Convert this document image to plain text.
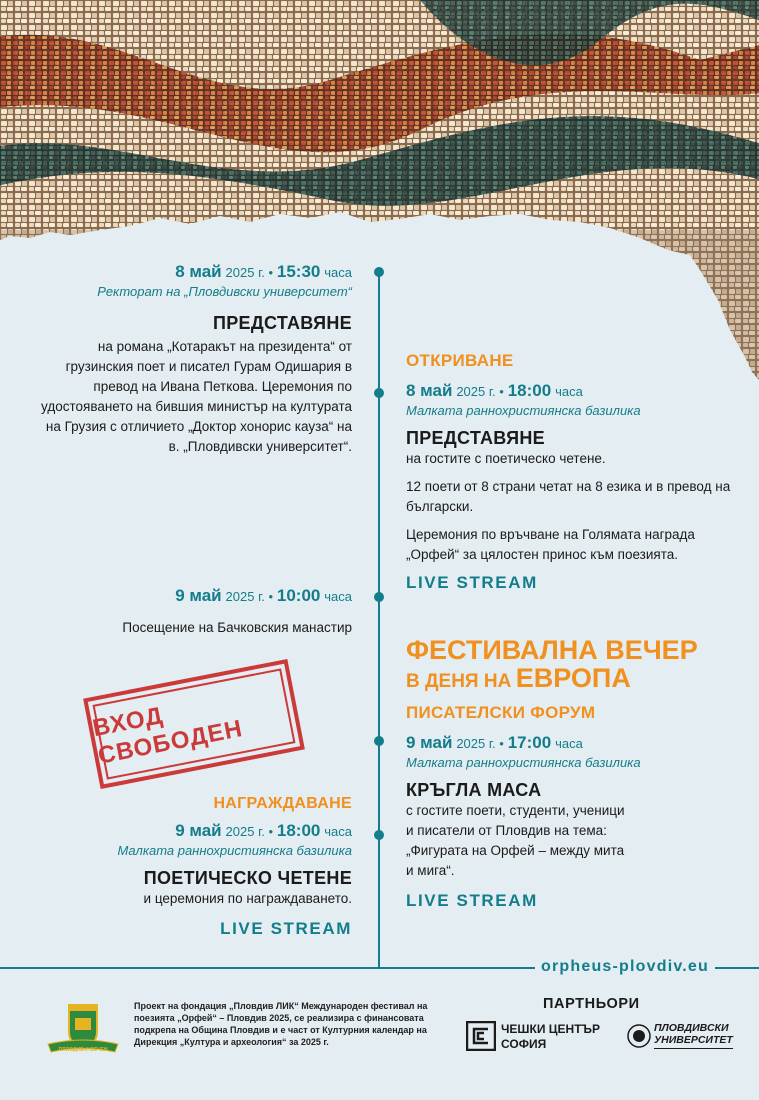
8 май 2025 г. • 15:30 часа
Ректорат на „Пловдивски университет“
ПРЕДСТАВЯНЕ
на романа „Котаракът на президента“ от грузинския поет и писател Гурам Одишария в превод на Ивана Петкова. Церемония по удостояването на бившия министър на културата на Грузия с отличието „Доктор хонорис кауза“ на в. „Пловдивски университет“.
9 май 2025 г. • 10:00 часа
Посещение на Бачковския манастир
ВХОД СВОБОДЕН
НАГРАЖДАВАНЕ
9 май 2025 г. • 18:00 часа
Малката раннохристиянска базилика
ПОЕТИЧЕСКО ЧЕТЕНЕ
и церемония по награждаването.
LIVE STREAM
ОТКРИВАНЕ
8 май 2025 г. • 18:00 часа
Малката раннохристиянска базилика
ПРЕДСТАВЯНЕ
на гостите с поетическо четене.
12 поети от 8 страни четат на 8 езика и в превод на български.
Церемония по връчване на Голямата награда „Орфей“ за цялостен принос към поезията.
LIVE STREAM
ФЕСТИВАЛНА ВЕЧЕР
В ДЕНЯ НА ЕВРОПА
ПИСАТЕЛСКИ ФОРУМ
9 май 2025 г. • 17:00 часа
Малката раннохристиянска базилика
КРЪГЛА МАСА
с гостите поети, студенти, ученици и писатели от Пловдив на тема: „Фигурата на Орфей – между мита и мига“.
LIVE STREAM
orpheus-plovdiv.eu
ПЛОВДИВ И ВЕЧЕН
Проект на фондация „Пловдив ЛИК“ Международен фестивал на поезията „Орфей“ – Пловдив 2025, се реализира с финансовата подкрепа на Община Пловдив и е част от Културния календар на Дирекция „Култура и археология“ за 2025 г.
ПАРТНЬОРИ
ЧЕШКИ ЦЕНТЪР
СОФИЯ
ПЛОВДИВСКИ
УНИВЕРСИТЕТ
